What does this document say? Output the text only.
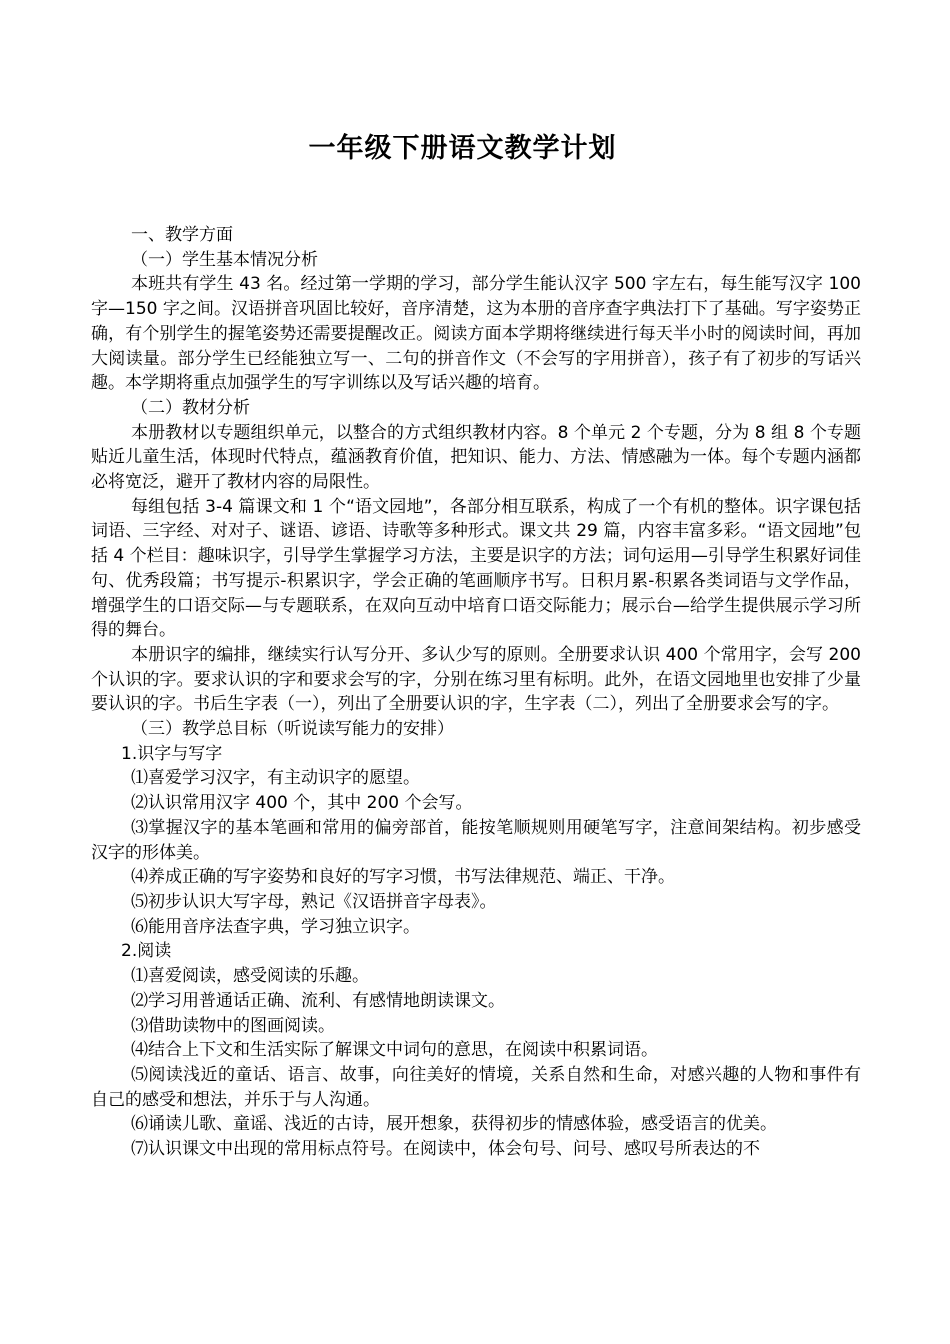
一年级下册语文教学计划

一、教学方面

（一）学生基本情况分析

本班共有学生 43 名。经过第一学期的学习，部分学生能认汉字 500 字左右，每生能写汉字 100 字—150 字之间。汉语拼音巩固比较好，音序清楚，这为本册的音序查字典法打下了基础。写字姿势正确，有个别学生的握笔姿势还需要提醒改正。阅读方面本学期将继续进行每天半小时的阅读时间，再加大阅读量。部分学生已经能独立写一、二句的拼音作文（不会写的字用拼音），孩子有了初步的写话兴趣。本学期将重点加强学生的写字训练以及写话兴趣的培育。

（二）教材分析

本册教材以专题组织单元，以整合的方式组织教材内容。8 个单元 2 个专题，分为 8 组 8 个专题贴近儿童生活，体现时代特点，蕴涵教育价值，把知识、能力、方法、情感融为一体。每个专题内涵都必将宽泛，避开了教材内容的局限性。

每组包括 3-4 篇课文和 1 个“语文园地”，各部分相互联系，构成了一个有机的整体。识字课包括词语、三字经、对对子、谜语、谚语、诗歌等多种形式。课文共 29 篇，内容丰富多彩。“语文园地”包括 4 个栏目：趣味识字，引导学生掌握学习方法，主要是识字的方法；词句运用—引导学生积累好词佳句、优秀段篇；书写提示-积累识字，学会正确的笔画顺序书写。日积月累-积累各类词语与文学作品，增强学生的口语交际—与专题联系，在双向互动中培育口语交际能力；展示台—给学生提供展示学习所得的舞台。

本册识字的编排，继续实行认写分开、多认少写的原则。全册要求认识 400 个常用字，会写 200 个认识的字。要求认识的字和要求会写的字，分别在练习里有标明。此外，在语文园地里也安排了少量要认识的字。书后生字表（一），列出了全册要认识的字，生字表（二），列出了全册要求会写的字。

（三）教学总目标（听说读写能力的安排）

1.识字与写字

⑴喜爱学习汉字，有主动识字的愿望。

⑵认识常用汉字 400 个，其中 200 个会写。

⑶掌握汉字的基本笔画和常用的偏旁部首，能按笔顺规则用硬笔写字，注意间架结构。初步感受汉字的形体美。

⑷养成正确的写字姿势和良好的写字习惯，书写法律规范、端正、干净。

⑸初步认识大写字母，熟记《汉语拼音字母表》。

⑹能用音序法查字典，学习独立识字。

2.阅读

⑴喜爱阅读，感受阅读的乐趣。

⑵学习用普通话正确、流利、有感情地朗读课文。

⑶借助读物中的图画阅读。

⑷结合上下文和生活实际了解课文中词句的意思，在阅读中积累词语。

⑸阅读浅近的童话、语言、故事，向往美好的情境，关系自然和生命，对感兴趣的人物和事件有自己的感受和想法，并乐于与人沟通。

⑹诵读儿歌、童谣、浅近的古诗，展开想象，获得初步的情感体验，感受语言的优美。

⑺认识课文中出现的常用标点符号。在阅读中，体会句号、问号、感叹号所表达的不
